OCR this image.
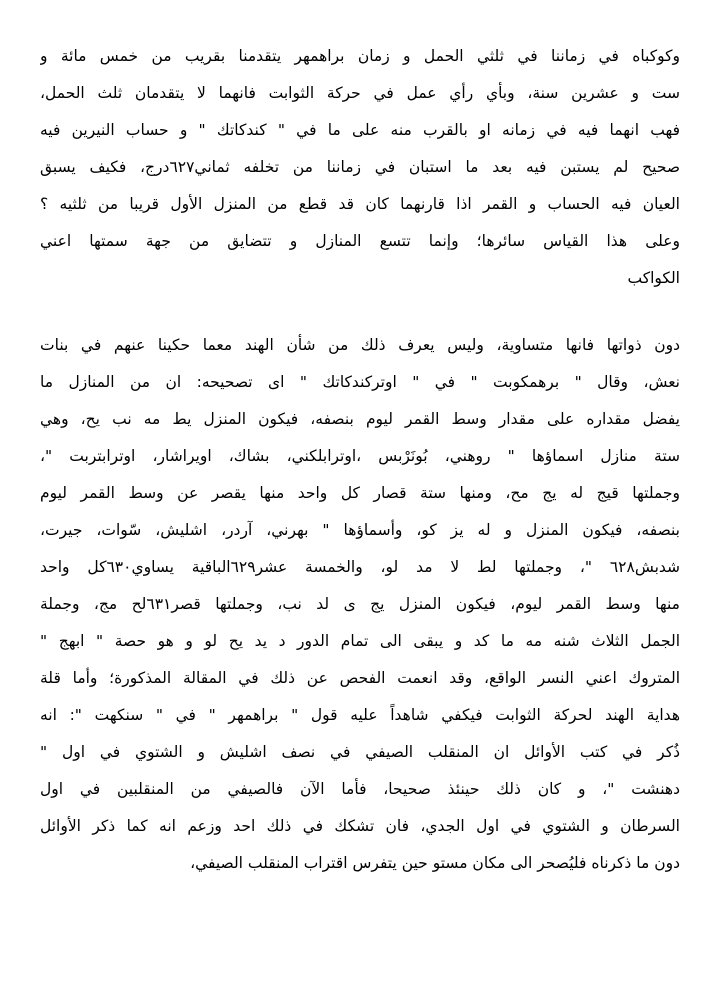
وكوكباه في زماننا في ثلثي الحمل و زمان براهمهر يتقدمنا بقريب من خمس مائة و
ست و عشرين سنة، وبأي رأي عمل في حركة الثوابت فانهما لا يتقدمان ثلث الحمل،
فهب انهما فيه في زمانه او بالقرب منه على ما في " كندكاتك " و حساب النيرين فيه
صحيح لم يستبن فيه بعد ما استبان في زماننا من تخلفه ثماني٦٢٧درج، فكيف يسبق
العيان فيه الحساب و القمر اذا قارنهما كان قد قطع من المنزل الأول قريبا من ثلثيه ؟
وعلى هذا القياس سائرها؛ وإنما تتسع المنازل و تتضايق من جهة سمتها اعني
الكواكب
دون ذواتها فانها متساوية، وليس يعرف ذلك من شأن الهند معما حكينا عنهم في بنات
نعش، وقال " برهمكوبت " في " اوتركندكاتك " اى تصحيحه: ان من المنازل ما
يفضل مقداره على مقدار وسط القمر ليوم بنصفه، فيكون المنزل يط مه نب يح، وهي
ستة منازل اسماؤها " روهني، بُونَرْبس ،اوترابلكني، بشاك، اويراشار، اوترابتربت "،
وجملتها قيج له يج مح، ومنها ستة قصار كل واحد منها يقصر عن وسط القمر ليوم
بنصفه، فيكون المنزل و له يز كو، وأسماؤها " بهرني، آردر، اشليش، سّوات، جيرت،
شدبش٦٢٨ "، وجملتها لط لا مد لو، والخمسة عشر٦٢٩الباقية يساوي٦٣٠كل واحد
منها وسط القمر ليوم، فيكون المنزل يج ى لد نب، وجملتها قصر٦٣١لح مج، وجملة
الجمل الثلاث شنه مه ما كد و يبقى الى تمام الدور د يد يح لو و هو حصة " ابهج "
المتروك اعني النسر الواقع، وقد انعمت الفحص عن ذلك في المقالة المذكورة؛ وأما قلة
هداية الهند لحركة الثوابت فيكفي شاهداً عليه قول " براهمهر " في " سنكهت ": انه
ذُكر في كتب الأوائل ان المنقلب الصيفي في نصف اشليش و الشتوي في اول "
دهنشت "، و كان ذلك حينئذ صحيحا، فأما الآن فالصيفي من المنقلبين في اول
السرطان و الشتوي في اول الجدي، فان تشكك في ذلك احد وزعم انه كما ذكر الأوائل
دون ما ذكرناه فليُصحر الى مكان مستو حين يتفرس اقتراب المنقلب الصيفي،
